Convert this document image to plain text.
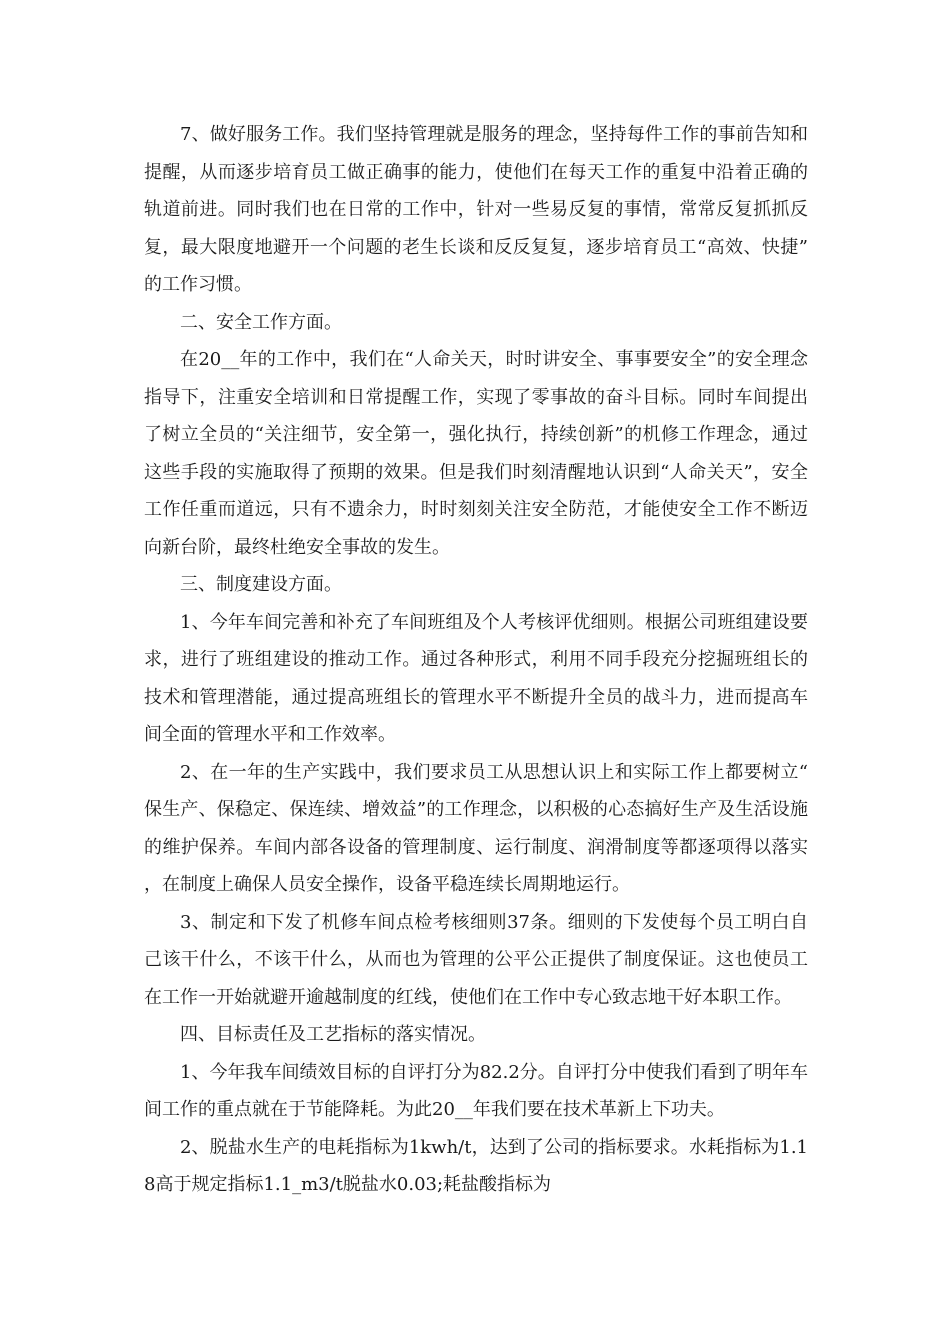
7、做好服务工作。我们坚持管理就是服务的理念，坚持每件工作的事前告知和提醒，从而逐步培育员工做正确事的能力，使他们在每天工作的重复中沿着正确的轨道前进。同时我们也在日常的工作中，针对一些易反复的事情，常常反复抓抓反复，最大限度地避开一个问题的老生长谈和反反复复，逐步培育员工“高效、快捷”的工作习惯。

二、安全工作方面。

在20__年的工作中，我们在“人命关天，时时讲安全、事事要安全”的安全理念指导下，注重安全培训和日常提醒工作，实现了零事故的奋斗目标。同时车间提出了树立全员的“关注细节，安全第一，强化执行，持续创新”的机修工作理念，通过这些手段的实施取得了预期的效果。但是我们时刻清醒地认识到“人命关天”，安全工作任重而道远，只有不遗余力，时时刻刻关注安全防范，才能使安全工作不断迈向新台阶，最终杜绝安全事故的发生。

三、制度建设方面。

1、今年车间完善和补充了车间班组及个人考核评优细则。根据公司班组建设要求，进行了班组建设的推动工作。通过各种形式，利用不同手段充分挖掘班组长的技术和管理潜能，通过提高班组长的管理水平不断提升全员的战斗力，进而提高车间全面的管理水平和工作效率。

2、在一年的生产实践中，我们要求员工从思想认识上和实际工作上都要树立“保生产、保稳定、保连续、增效益”的工作理念，以积极的心态搞好生产及生活设施的维护保养。车间内部各设备的管理制度、运行制度、润滑制度等都逐项得以落实，在制度上确保人员安全操作，设备平稳连续长周期地运行。

3、制定和下发了机修车间点检考核细则37条。细则的下发使每个员工明白自己该干什么，不该干什么，从而也为管理的公平公正提供了制度保证。这也使员工在工作一开始就避开逾越制度的红线，使他们在工作中专心致志地干好本职工作。

四、目标责任及工艺指标的落实情况。

1、今年我车间绩效目标的自评打分为82.2分。自评打分中使我们看到了明年车间工作的重点就在于节能降耗。为此20__年我们要在技术革新上下功夫。

2、脱盐水生产的电耗指标为1kwh/t，达到了公司的指标要求。水耗指标为1.18高于规定指标1.1_m3/t脱盐水0.03;耗盐酸指标为
